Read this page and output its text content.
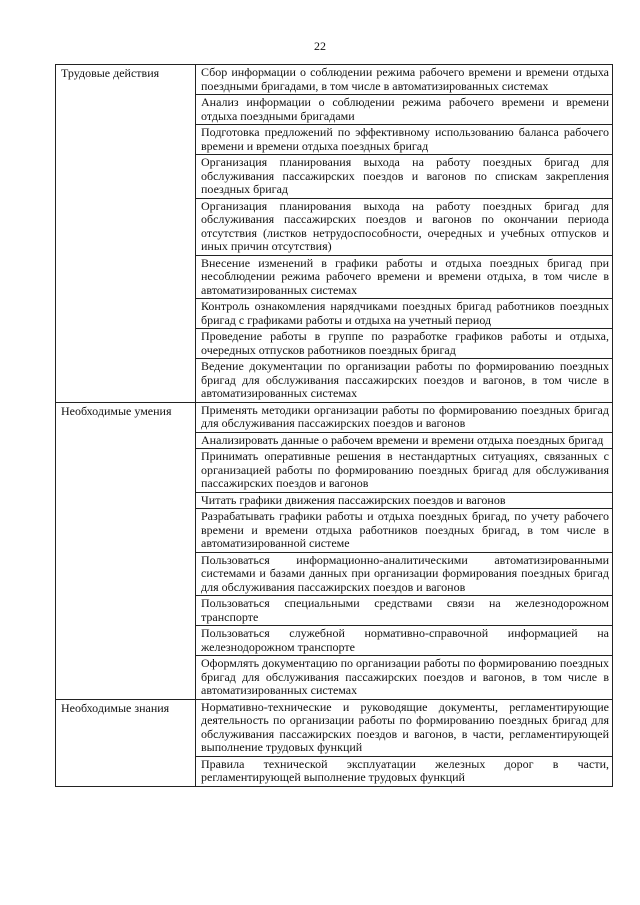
22
Трудовые действия	Сбор информации о соблюдении режима рабочего времени и времени отдыха поездными бригадами, в том числе в автоматизированных системах
	Анализ информации о соблюдении режима рабочего времени и времени отдыха поездными бригадами
	Подготовка предложений по эффективному использованию баланса рабочего времени и времени отдыха поездных бригад
	Организация планирования выхода на работу поездных бригад для обслуживания пассажирских поездов и вагонов по спискам закрепления поездных бригад
	Организация планирования выхода на работу поездных бригад для обслуживания пассажирских поездов и вагонов по окончании периода отсутствия (листков нетрудоспособности, очередных и учебных отпусков и иных причин отсутствия)
	Внесение изменений в графики работы и отдыха поездных бригад при несоблюдении режима рабочего времени и времени отдыха, в том числе в автоматизированных системах
	Контроль ознакомления нарядчиками поездных бригад работников поездных бригад с графиками работы и отдыха на учетный период
	Проведение работы в группе по разработке графиков работы и отдыха, очередных отпусков работников поездных бригад
	Ведение документации по организации работы по формированию поездных бригад для обслуживания пассажирских поездов и вагонов, в том числе в автоматизированных системах
Необходимые умения	Применять методики организации работы по формированию поездных бригад для обслуживания пассажирских поездов и вагонов
	Анализировать данные о рабочем времени и времени отдыха поездных бригад
	Принимать оперативные решения в нестандартных ситуациях, связанных с организацией работы по формированию поездных бригад для обслуживания пассажирских поездов и вагонов
	Читать графики движения пассажирских поездов и вагонов
	Разрабатывать графики работы и отдыха поездных бригад, по учету рабочего времени и времени отдыха работников поездных бригад, в том числе в автоматизированной системе
	Пользоваться информационно-аналитическими автоматизированными системами и базами данных при организации формирования поездных бригад для обслуживания пассажирских поездов и вагонов
	Пользоваться специальными средствами связи на железнодорожном транспорте
	Пользоваться служебной нормативно-справочной информацией на железнодорожном транспорте
	Оформлять документацию по организации работы по формированию поездных бригад для обслуживания пассажирских поездов и вагонов, в том числе в автоматизированных системах
Необходимые знания	Нормативно-технические и руководящие документы, регламентирующие деятельность по организации работы по формированию поездных бригад для обслуживания пассажирских поездов и вагонов, в части, регламентирующей выполнение трудовых функций
	Правила технической эксплуатации железных дорог в части, регламентирующей выполнение трудовых функций
